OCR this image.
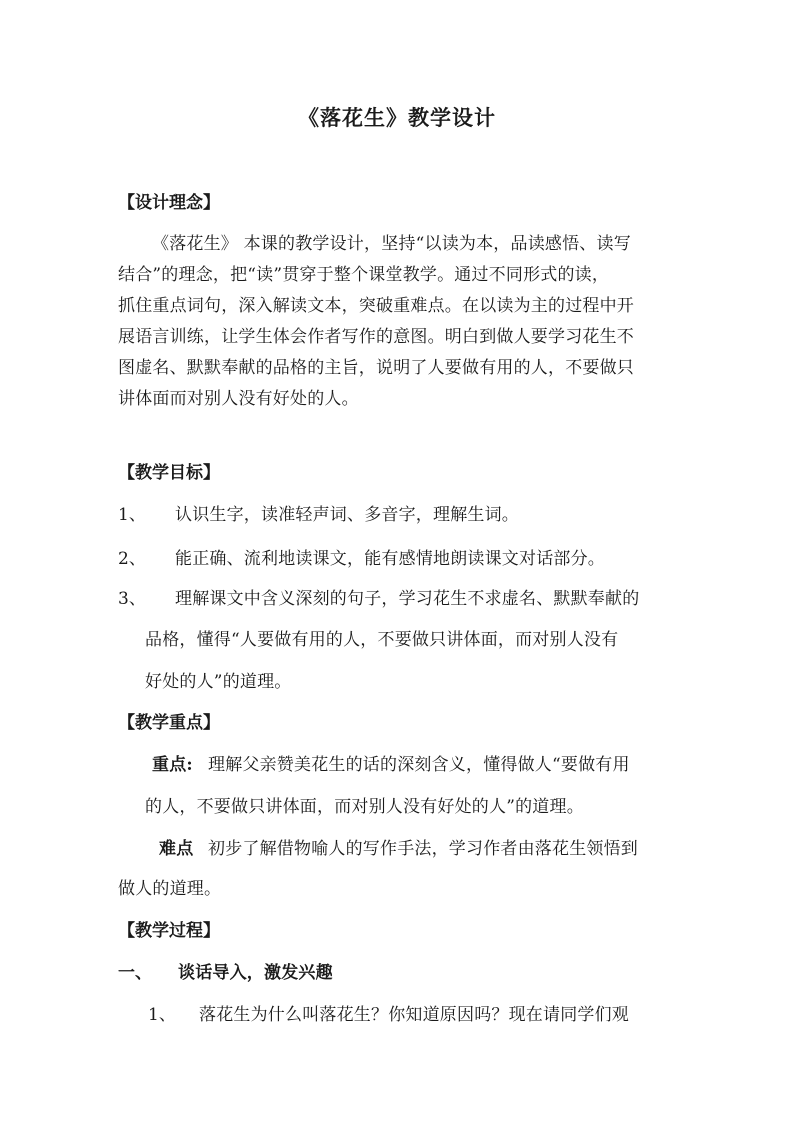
《落花生》教学设计
【设计理念】
《落花生》 本课的教学设计，坚持“以读为本，品读感悟、读写
结合”的理念，把“读”贯穿于整个课堂教学。通过不同形式的读，
抓住重点词句，深入解读文本，突破重难点。在以读为主的过程中开
展语言训练，让学生体会作者写作的意图。明白到做人要学习花生不
图虚名、默默奉献的品格的主旨，说明了人要做有用的人，不要做只
讲体面而对别人没有好处的人。
【教学目标】
1、 认识生字，读准轻声词、多音字，理解生词。
2、 能正确、流利地读课文，能有感情地朗读课文对话部分。
3、 理解课文中含义深刻的句子，学习花生不求虚名、默默奉献的
品格，懂得“人要做有用的人，不要做只讲体面，而对别人没有
好处的人”的道理。
【教学重点】
重点: 理解父亲赞美花生的话的深刻含义，懂得做人“要做有用
的人，不要做只讲体面，而对别人没有好处的人”的道理。
难点 初步了解借物喻人的写作手法，学习作者由落花生领悟到
做人的道理。
【教学过程】
一、 谈话导入，激发兴趣
1、 落花生为什么叫落花生？你知道原因吗？现在请同学们观
